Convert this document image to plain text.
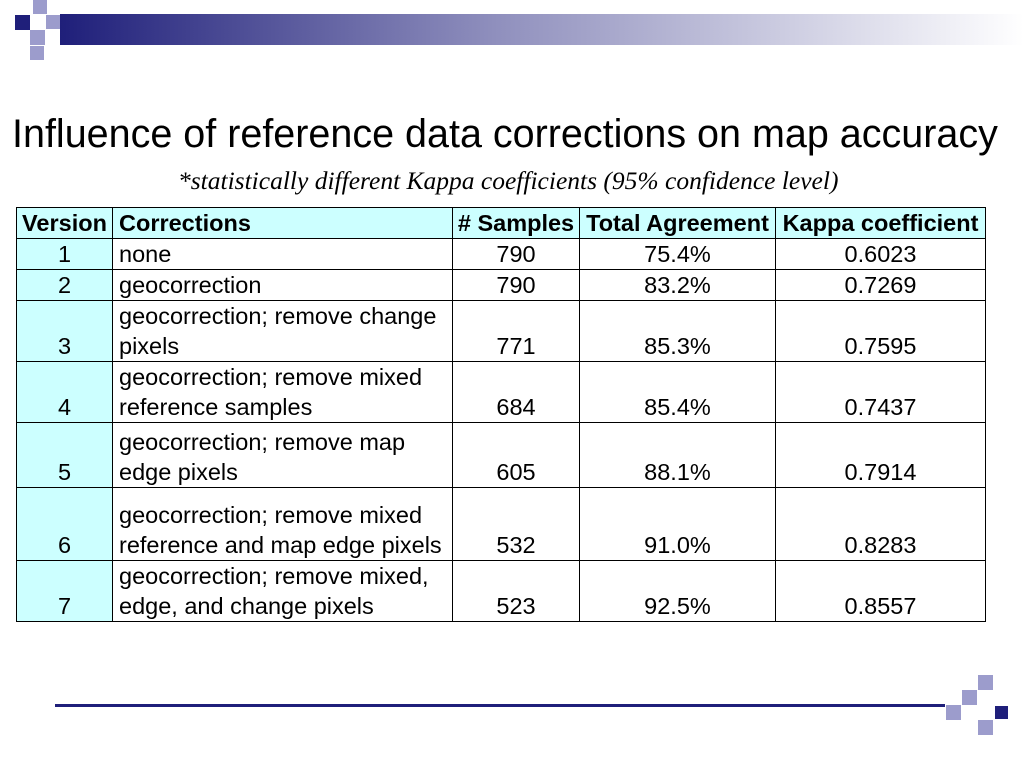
Influence of reference data corrections on map accuracy
*statistically different Kappa coefficients (95% confidence level)
Version	Corrections	# Samples	Total Agreement	Kappa coefficient
1	none	790	75.4%	0.6023
2	geocorrection	790	83.2%	0.7269
3	geocorrection; remove change pixels	771	85.3%	0.7595
4	geocorrection; remove mixed reference samples	684	85.4%	0.7437
5	geocorrection; remove map edge pixels	605	88.1%	0.7914
6	geocorrection; remove mixed reference and map edge pixels	532	91.0%	0.8283
7	geocorrection; remove mixed, edge, and change pixels	523	92.5%	0.8557
